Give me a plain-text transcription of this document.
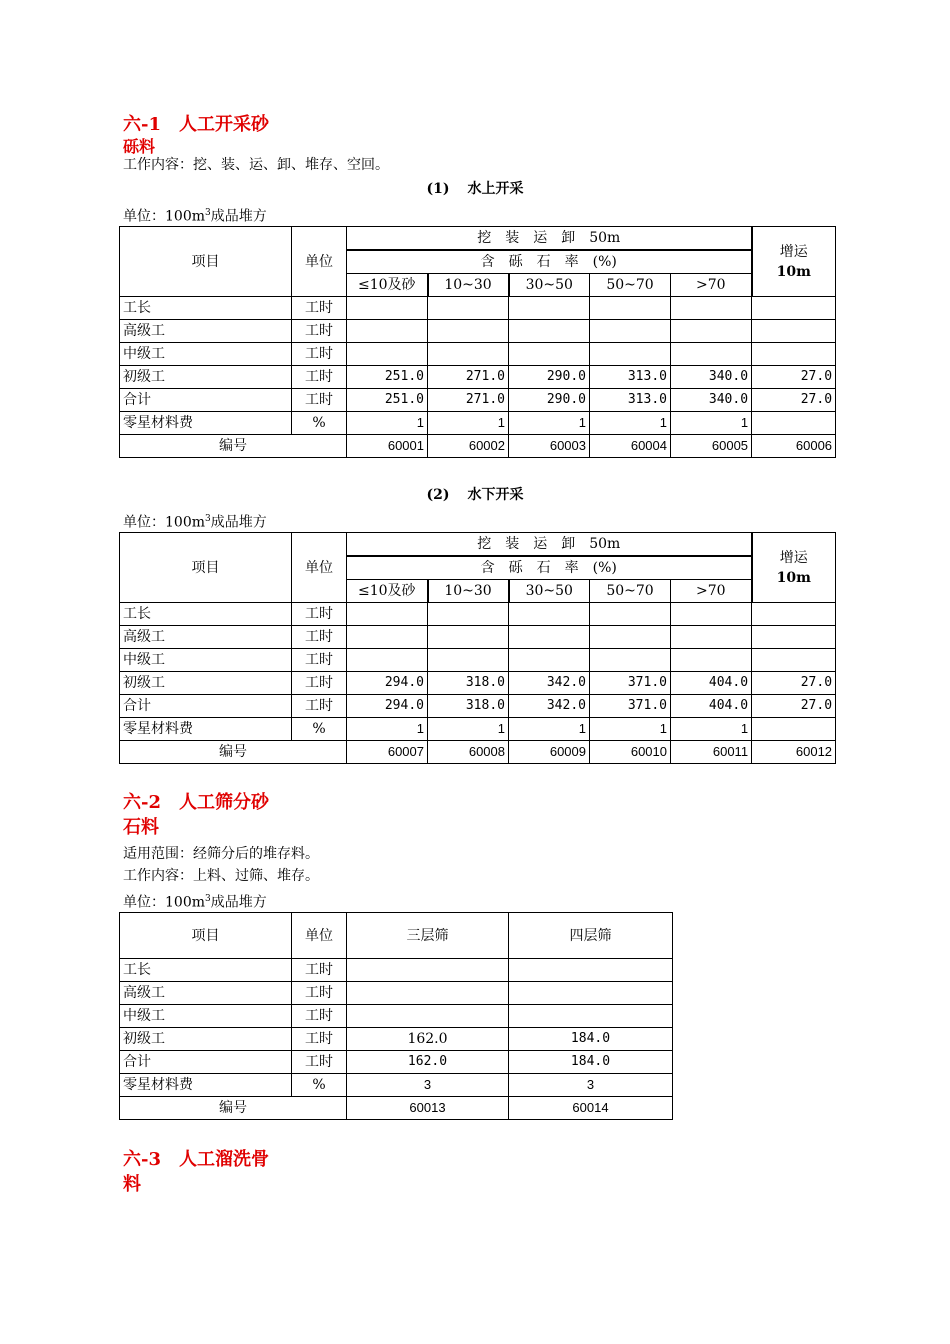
六-1 人工开采砂
砾料
工作内容：挖、装、运、卸、堆存、空回。
(1) 水上开采
单位：$100m^3$成品堆方
项目	单位	挖　装　运　卸　50m					增运
10m
		含　砾　石　率　(%)					
		≤10及砂	10~30	30~50	50~70	>70	
工长	工时						
高级工	工时						
中级工	工时						
初级工	工时	251.0	271.0	290.0	313.0	340.0	27.0
合计	工时	251.0	271.0	290.0	313.0	340.0	27.0
零星材料费	%	1	1	1	1	1	
编号		60001	60002	60003	60004	60005	60006
(2) 水下开采
单位：$100m^3$成品堆方
项目	单位	挖　装　运　卸　50m					增运
10m
		含　砾　石　率　(%)					
		≤10及砂	10~30	30~50	50~70	>70	
工长	工时						
高级工	工时						
中级工	工时						
初级工	工时	294.0	318.0	342.0	371.0	404.0	27.0
合计	工时	294.0	318.0	342.0	371.0	404.0	27.0
零星材料费	%	1	1	1	1	1	
编号		60007	60008	60009	60010	60011	60012
六-2 人工筛分砂
石料
适用范围：经筛分后的堆存料。
工作内容：上料、过筛、堆存。
单位：$100m^3$成品堆方
项目	单位	三层筛	四层筛
工长	工时		
高级工	工时		
中级工	工时		
初级工	工时	162.0	184.0
合计	工时	162.0	184.0
零星材料费	%	3	3
编号		60013	60014
六-3 人工溜洗骨
料
